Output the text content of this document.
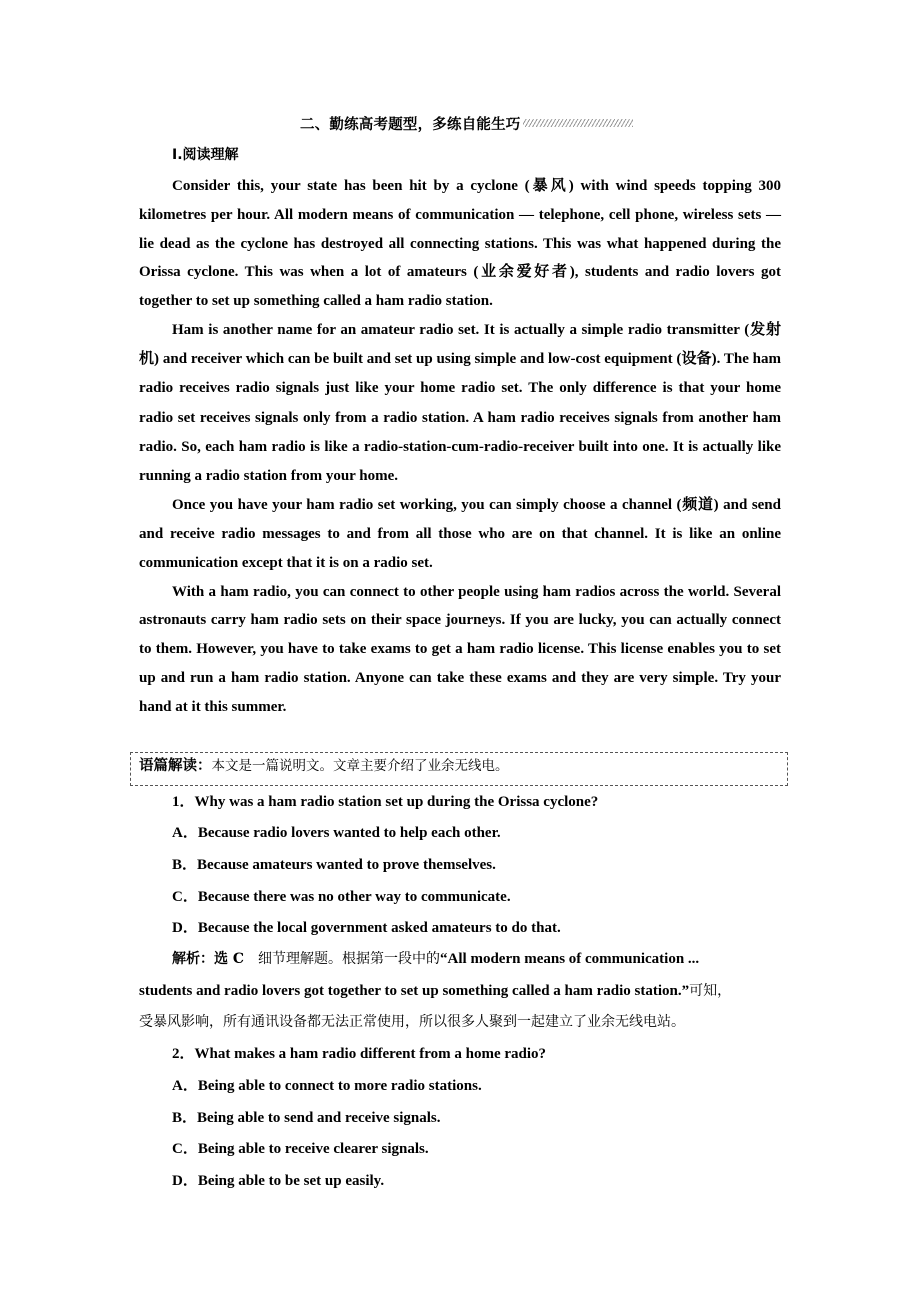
二、勤练高考题型，多练自能生巧
Ⅰ.阅读理解

Consider this, your state has been hit by a cyclone (暴风) with wind speeds topping 300 kilometres per hour. All modern means of communication — telephone, cell phone, wireless sets — lie dead as the cyclone has destroyed all connecting stations. This was what happened during the Orissa cyclone. This was when a lot of amateurs (业余爱好者), students and radio lovers got together to set up something called a ham radio station.

Ham is another name for an amateur radio set. It is actually a simple radio transmitter (发射机) and receiver which can be built and set up using simple and low-cost equipment (设备). The ham radio receives radio signals just like your home radio set. The only difference is that your home radio set receives signals only from a radio station. A ham radio receives signals from another ham radio. So, each ham radio is like a radio-station-cum-radio-receiver built into one. It is actually like running a radio station from your home.

Once you have your ham radio set working, you can simply choose a channel (频道) and send and receive radio messages to and from all those who are on that channel. It is like an online communication except that it is on a radio set.

With a ham radio, you can connect to other people using ham radios across the world. Several astronauts carry ham radio sets on their space journeys. If you are lucky, you can actually connect to them. However, you have to take exams to get a ham radio license. This license enables you to set up and run a ham radio station. Anyone can take these exams and they are very simple. Try your hand at it this summer.

语篇解读：本文是一篇说明文。文章主要介绍了业余无线电。
1．Why was a ham radio station set up during the Orissa cyclone?
A．Because radio lovers wanted to help each other.
B．Because amateurs wanted to prove themselves.
C．Because there was no other way to communicate.
D．Because the local government asked amateurs to do that.
解析：选 C 细节理解题。根据第一段中的“All modern means of communication ...
students and radio lovers got together to set up something called a ham radio station.”可知，
受暴风影响，所有通讯设备都无法正常使用，所以很多人聚到一起建立了业余无线电站。
2．What makes a ham radio different from a home radio?
A．Being able to connect to more radio stations.
B．Being able to send and receive signals.
C．Being able to receive clearer signals.
D．Being able to be set up easily.
